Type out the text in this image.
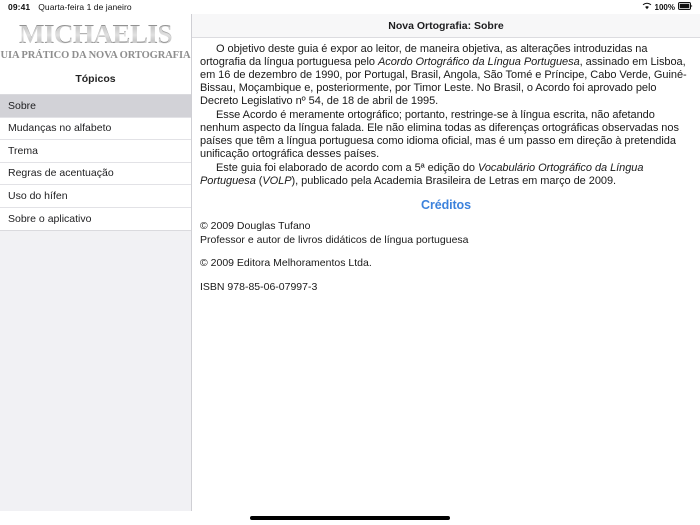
09:41 Quarta-feira 1 de janeiro	100%
MICHAELIS
UIA PRÁTICO DA NOVA ORTOGRAFIA
Tópicos
Sobre
Mudanças no alfabeto
Trema
Regras de acentuação
Uso do hífen
Sobre o aplicativo
Nova Ortografia: Sobre

O objetivo deste guia é expor ao leitor, de maneira objetiva, as alterações introduzidas na ortografia da língua portuguesa pelo Acordo Ortográfico da Língua Portuguesa, assinado em Lisboa, em 16 de dezembro de 1990, por Portugal, Brasil, Angola, São Tomé e Príncipe, Cabo Verde, Guiné-Bissau, Moçambique e, posteriormente, por Timor Leste. No Brasil, o Acordo foi aprovado pelo Decreto Legislativo nº 54, de 18 de abril de 1995.

Esse Acordo é meramente ortográfico; portanto, restringe-se à língua escrita, não afetando nenhum aspecto da língua falada. Ele não elimina todas as diferenças ortográficas observadas nos países que têm a língua portuguesa como idioma oficial, mas é um passo em direção à pretendida unificação ortográfica desses países.

Este guia foi elaborado de acordo com a 5ª edição do Vocabulário Ortográfico da Língua Portuguesa (VOLP), publicado pela Academia Brasileira de Letras em março de 2009.

Créditos

© 2009 Douglas Tufano

Professor e autor de livros didáticos de língua portuguesa

© 2009 Editora Melhoramentos Ltda.

ISBN 978-85-06-07997-3
